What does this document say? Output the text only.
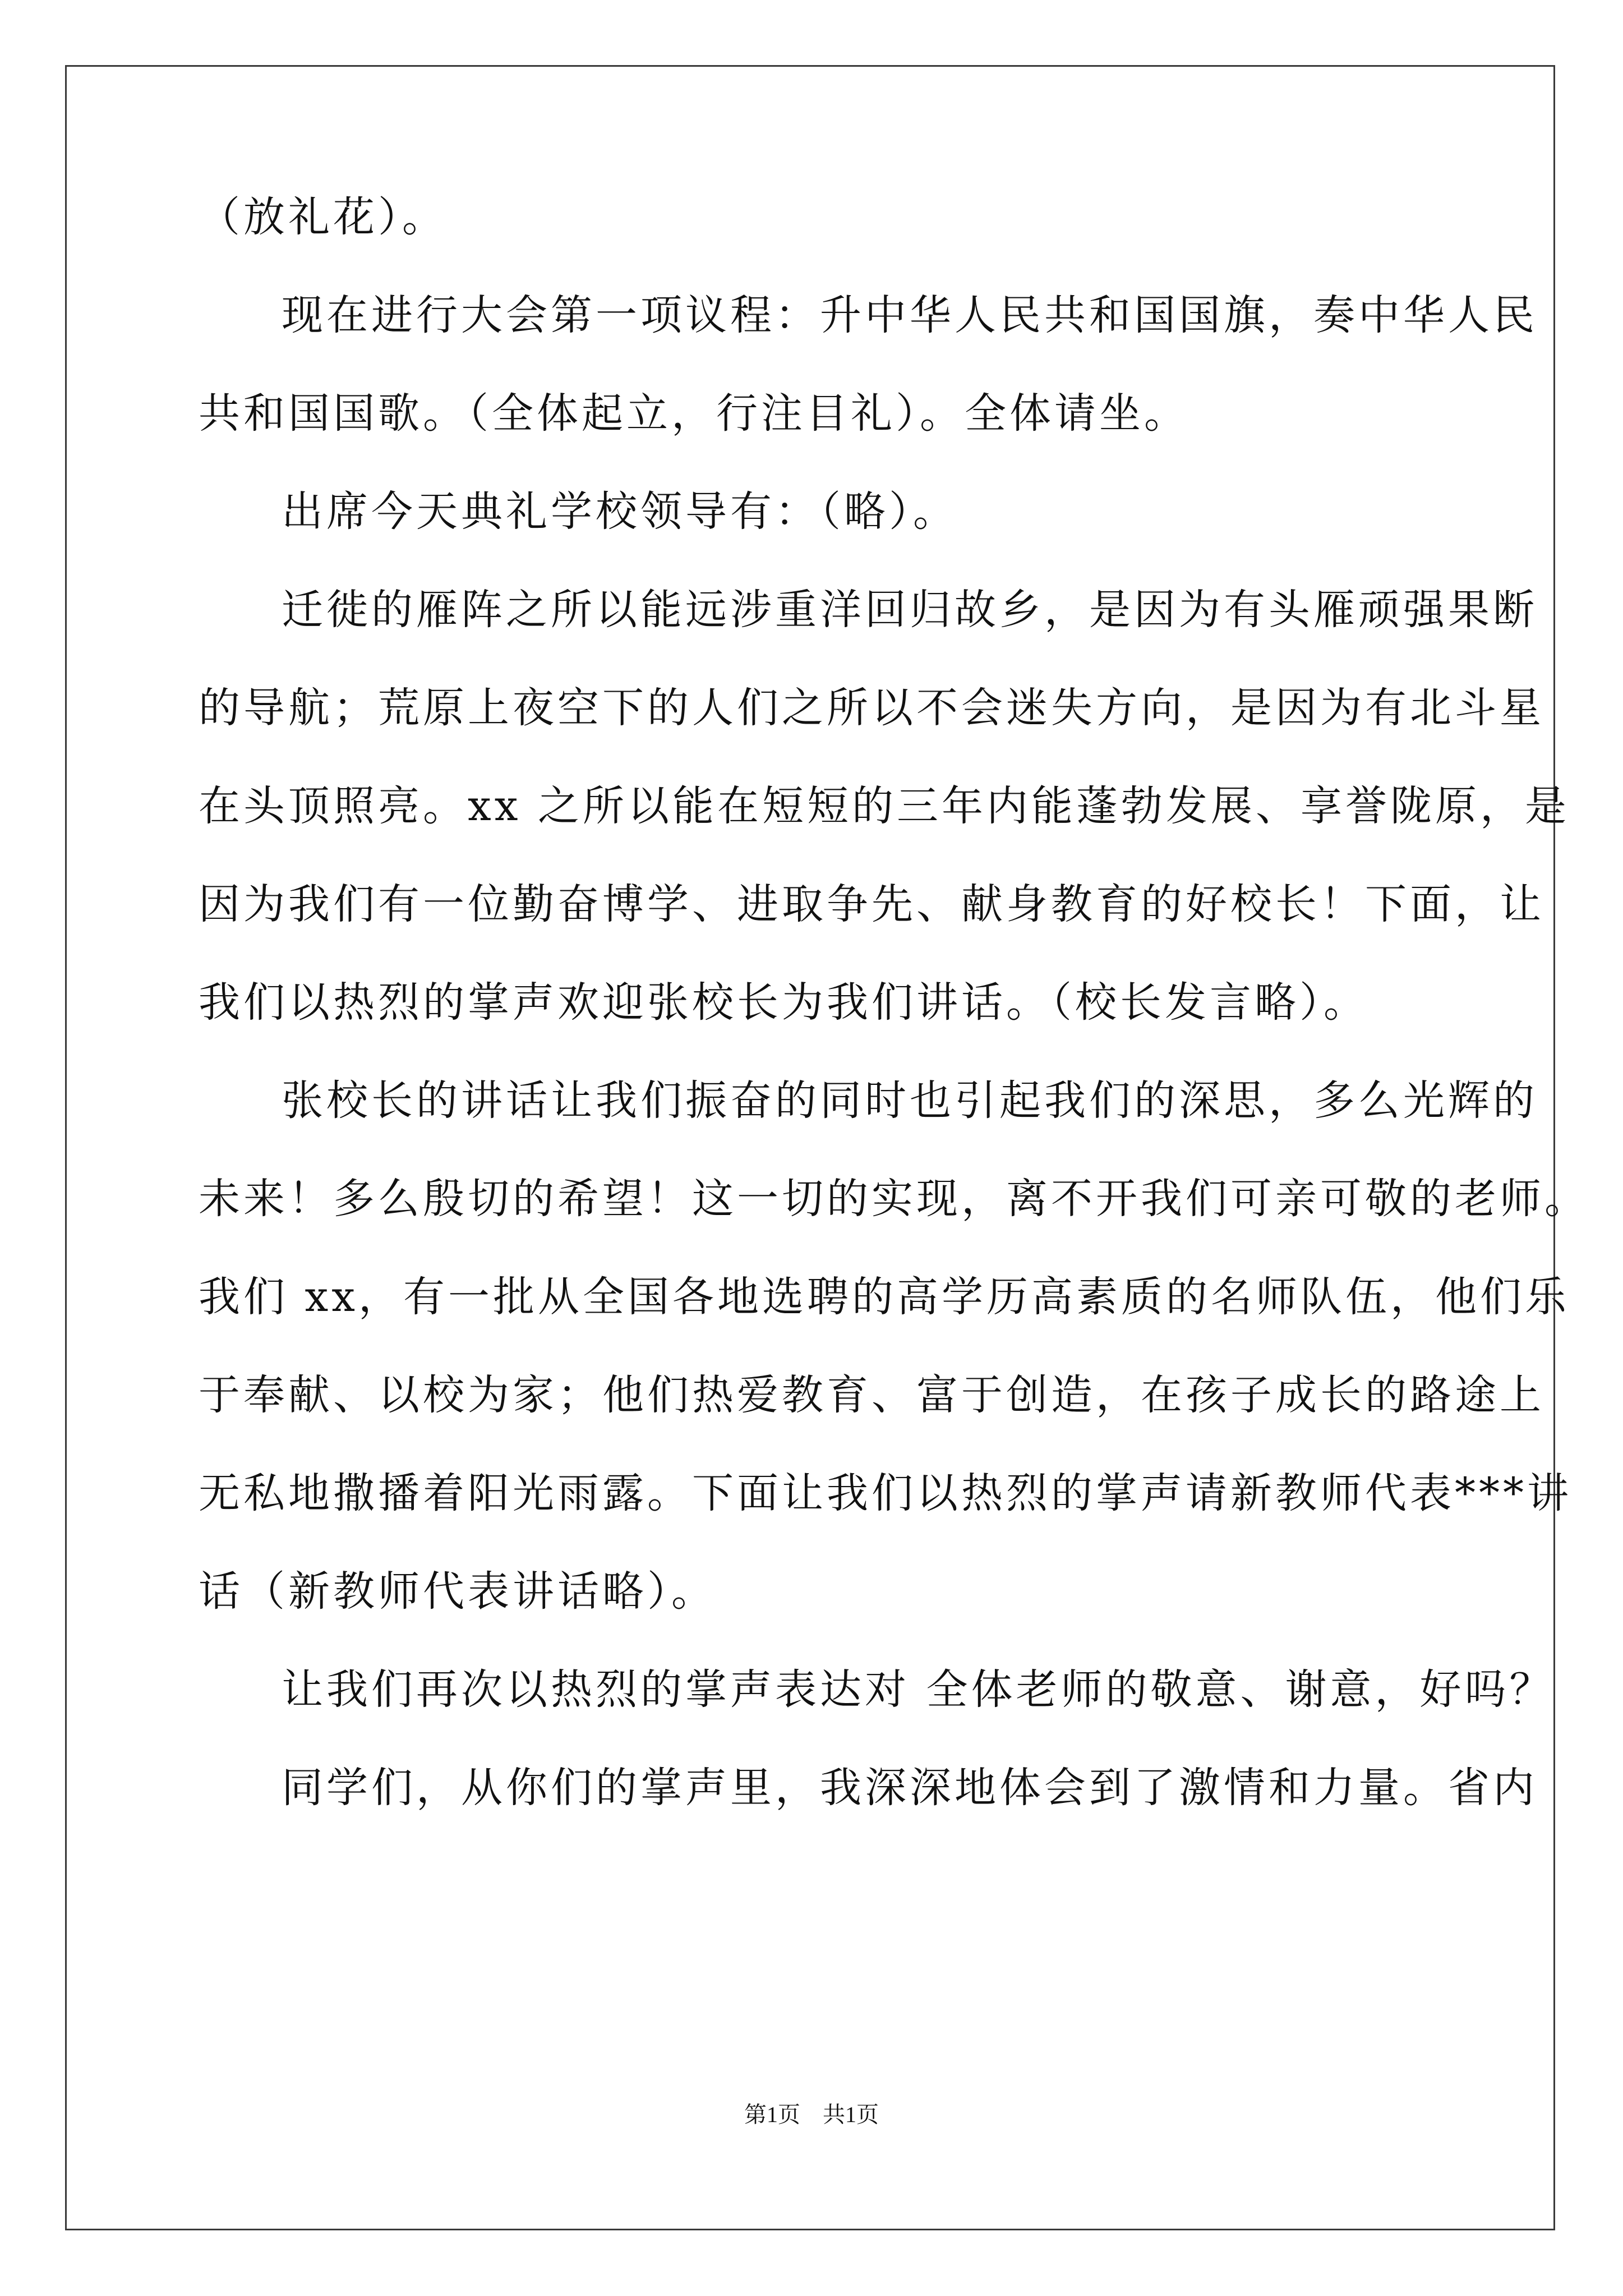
（放礼花）。
现在进行大会第一项议程：升中华人民共和国国旗，奏中华人民
共和国国歌。（全体起立，行注目礼）。全体请坐。
出席今天典礼学校领导有：（略）。
迁徙的雁阵之所以能远涉重洋回归故乡，是因为有头雁顽强果断
的导航；荒原上夜空下的人们之所以不会迷失方向，是因为有北斗星
在头顶照亮。xx 之所以能在短短的三年内能蓬勃发展、享誉陇原，是
因为我们有一位勤奋博学、进取争先、献身教育的好校长！下面，让
我们以热烈的掌声欢迎张校长为我们讲话。（校长发言略）。
张校长的讲话让我们振奋的同时也引起我们的深思，多么光辉的
未来！多么殷切的希望！这一切的实现，离不开我们可亲可敬的老师。
我们 xx，有一批从全国各地选聘的高学历高素质的名师队伍，他们乐
于奉献、以校为家；他们热爱教育、富于创造，在孩子成长的路途上
无私地撒播着阳光雨露。下面让我们以热烈的掌声请新教师代表***讲
话（新教师代表讲话略）。
让我们再次以热烈的掌声表达对 全体老师的敬意、谢意，好吗？
同学们，从你们的掌声里，我深深地体会到了激情和力量。省内
第1页 共1页
